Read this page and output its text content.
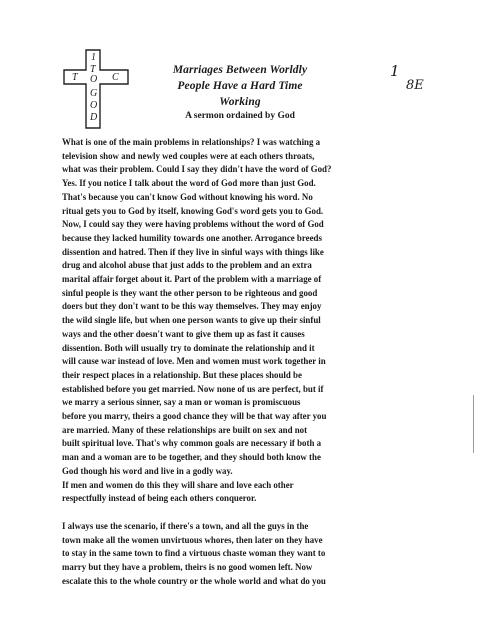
1
T
T O C
G
O
D
Marriages Between Worldly
People Have a Hard Time
Working
A sermon ordained by God
1
8E

What is one of the main problems in relationships? I was watching a
television show and newly wed couples were at each others throats,
what was their problem. Could I say they didn't have the word of God?
Yes. If you notice I talk about the word of God more than just God.
That's because you can't know God without knowing his word. No
ritual gets you to God by itself, knowing God's word gets you to God.
Now, I could say they were having problems without the word of God
because they lacked humility towards one another. Arrogance breeds
dissention and hatred. Then if they live in sinful ways with things like
drug and alcohol abuse that just adds to the problem and an extra
marital affair forget about it. Part of the problem with a marriage of
sinful people is they want the other person to be righteous and good
doers but they don't want to be this way themselves. They may enjoy
the wild single life, but when one person wants to give up their sinful
ways and the other doesn't want to give them up as fast it causes
dissention. Both will usually try to dominate the relationship and it
will cause war instead of love. Men and women must work together in
their respect places in a relationship. But these places should be
established before you get married. Now none of us are perfect, but if
we marry a serious sinner, say a man or woman is promiscuous
before you marry, theirs a good chance they will be that way after you
are married. Many of these relationships are built on sex and not
built spiritual love. That's why common goals are necessary if both a
man and a woman are to be together, and they should both know the
God though his word and live in a godly way.
If men and women do this they will share and love each other
respectfully instead of being each others conqueror.

I always use the scenario, if there's a town, and all the guys in the
town make all the women unvirtuous whores, then later on they have
to stay in the same town to find a virtuous chaste woman they want to
marry but they have a problem, theirs is no good women left. Now
escalate this to the whole country or the whole world and what do you
